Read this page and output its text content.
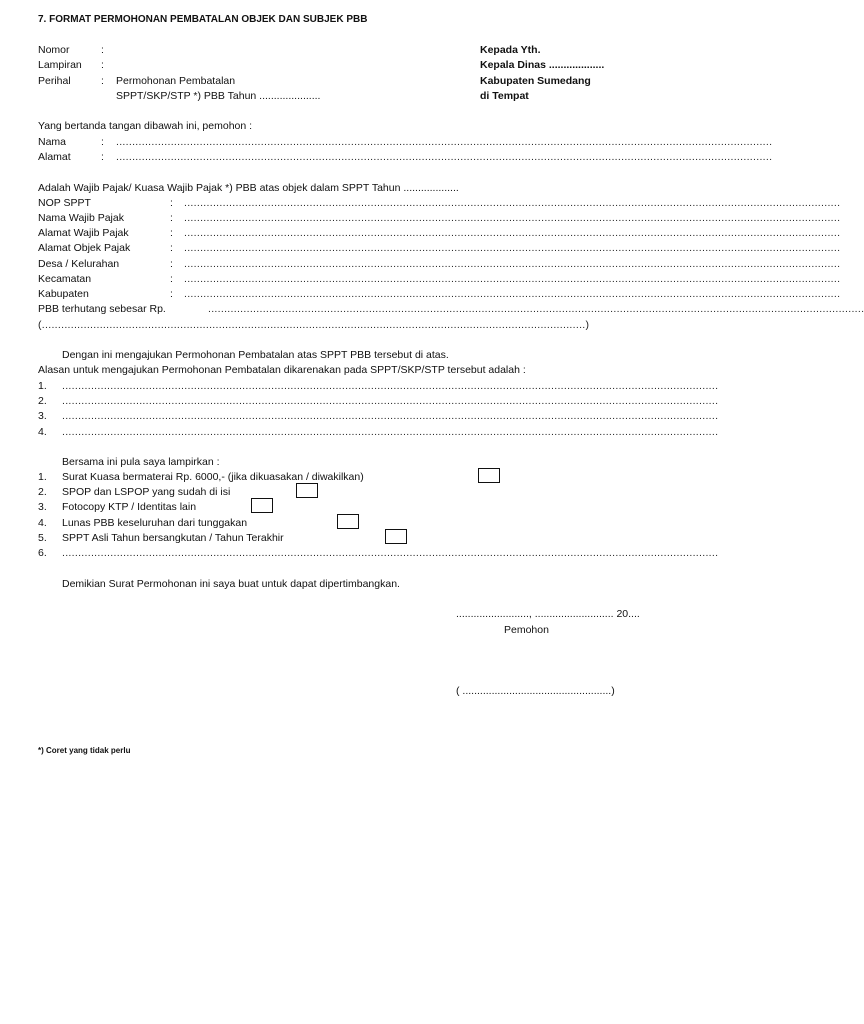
7. FORMAT PERMOHONAN PEMBATALAN OBJEK DAN SUBJEK PBB
Nomor	:
Lampiran :
Perihal	: Permohonan Pembatalan
SPPT/SKP/STP *) PBB Tahun .....................
Kepada Yth.
Kepala Dinas ...................
Kabupaten Sumedang
di Tempat
Yang bertanda tangan dibawah ini, pemohon :
Nama	: ............................................................................................................................................................................................................
Alamat	: ............................................................................................................................................................................................................
Adalah Wajib Pajak/ Kuasa Wajib Pajak *) PBB atas objek dalam SPPT Tahun ...................
NOP SPPT	: ............................................................................................................................................................................................................
Nama Wajib Pajak	: ............................................................................................................................................................................................................
Alamat Wajib Pajak	: ............................................................................................................................................................................................................
Alamat Objek Pajak	: ............................................................................................................................................................................................................
Desa / Kelurahan	: ............................................................................................................................................................................................................
Kecamatan	: ............................................................................................................................................................................................................
Kabupaten	: ............................................................................................................................................................................................................
PBB terhutang sebesar Rp.	............................................................................................................................................................................................................
(.........................................................................................................................................................................)
Dengan ini mengajukan Permohonan Pembatalan atas SPPT PBB tersebut di atas.
Alasan untuk mengajukan Permohonan Pembatalan dikarenakan pada SPPT/SKP/STP tersebut adalah :
1. ............................................................................................................................................................................................................
2. ............................................................................................................................................................................................................
3. ............................................................................................................................................................................................................
4. ............................................................................................................................................................................................................
Bersama ini pula saya lampirkan :
1. Surat Kuasa bermaterai Rp. 6000,- (jika dikuasakan / diwakilkan)
2. SPOP dan LSPOP yang sudah di isi
3. Fotocopy KTP / Identitas lain
4. Lunas PBB keseluruhan dari tunggakan
5. SPPT Asli Tahun bersangkutan / Tahun Terakhir
6. ............................................................................................................................................................................................................
Demikian Surat Permohonan ini saya buat untuk dapat dipertimbangkan.
........................., ........................... 20....
Pemohon
( ...................................................)
*) Coret yang tidak perlu
